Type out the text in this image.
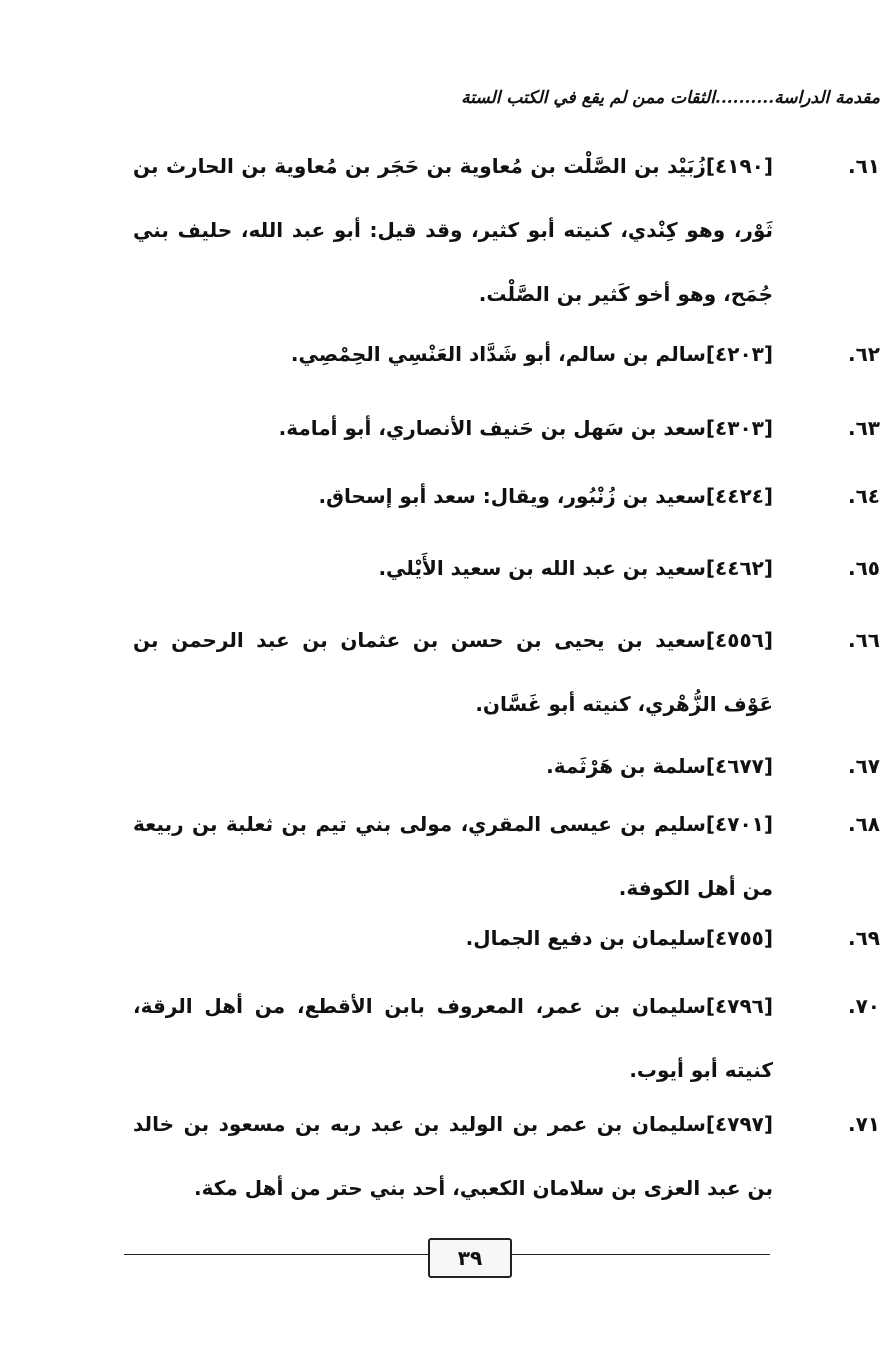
مقدمة الدراسة..........الثقات ممن لم يقع في الكتب الستة
٦١.
[٤١٩٠]زُبَيْد بن الصَّلْت بن مُعاوية بن حَجَر بن مُعاوية بن الحارث بن ثَوْر، وهو كِنْدي، كنيته أبو كثير، وقد قيل: أبو عبد الله، حليف بني جُمَح، وهو أخو كَثير بن الصَّلْت.
٦٢.
[٤٢٠٣]سالم بن سالم، أبو شَدَّاد العَنْسِي الحِمْصِي.
٦٣.
[٤٣٠٣]سعد بن سَهل بن حَنيف الأنصاري، أبو أمامة.
٦٤.
[٤٤٢٤]سعيد بن زُنْبُور، ويقال: سعد أبو إسحاق.
٦٥.
[٤٤٦٢]سعيد بن عبد الله بن سعيد الأَيْلي.
٦٦.
[٤٥٥٦]سعيد بن يحيى بن حسن بن عثمان بن عبد الرحمن بن عَوْف الزُّهْري، كنيته أبو غَسَّان.
٦٧.
[٤٦٧٧]سلمة بن هَرْثَمة.
٦٨.
[٤٧٠١]سليم بن عيسى المقري، مولى بني تيم بن ثعلبة بن ربيعة من أهل الكوفة.
٦٩.
[٤٧٥٥]سليمان بن دفيع الجمال.
٧٠.
[٤٧٩٦]سليمان بن عمر، المعروف بابن الأقطع، من أهل الرقة، كنيته أبو أيوب.
٧١.
[٤٧٩٧]سليمان بن عمر بن الوليد بن عبد ربه بن مسعود بن خالد بن عبد العزى بن سلامان الكعبي، أحد بني حتر من أهل مكة.
٣٩
